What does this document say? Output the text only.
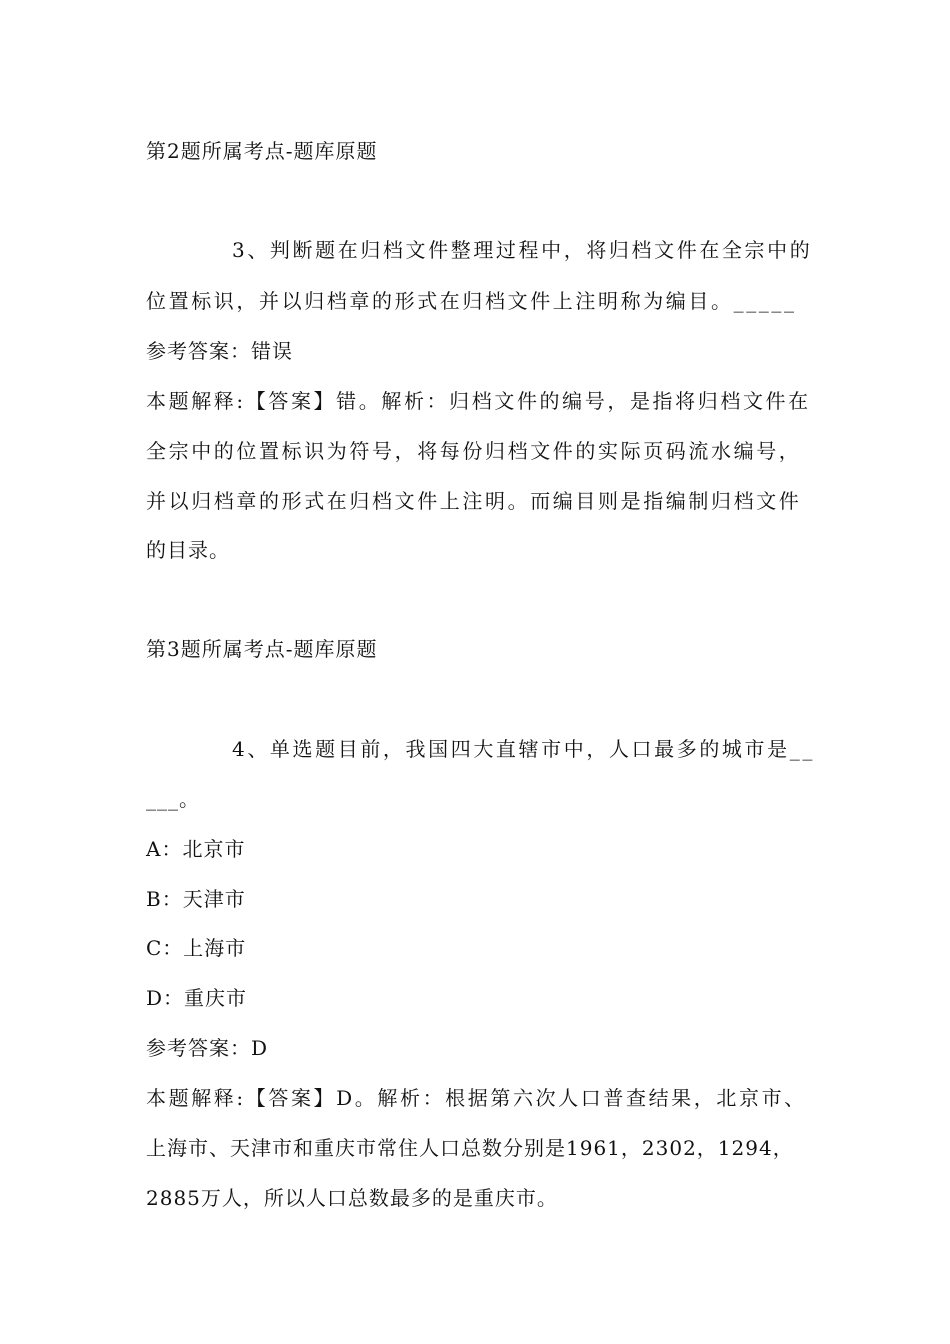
第2题所属考点-题库原题
3、判断题在归档文件整理过程中，将归档文件在全宗中的
位置标识，并以归档章的形式在归档文件上注明称为编目。_____
参考答案：错误
本题解释:【答案】错。解析：归档文件的编号，是指将归档文件在
全宗中的位置标识为符号，将每份归档文件的实际页码流水编号，
并以归档章的形式在归档文件上注明。而编目则是指编制归档文件
的目录。
第3题所属考点-题库原题
4、单选题目前，我国四大直辖市中，人口最多的城市是__
___。
A：北京市
B：天津市
C：上海市
D：重庆市
参考答案：D
本题解释:【答案】D。解析：根据第六次人口普查结果，北京市、
上海市、天津市和重庆市常住人口总数分别是1961，2302，1294，
2885万人，所以人口总数最多的是重庆市。
